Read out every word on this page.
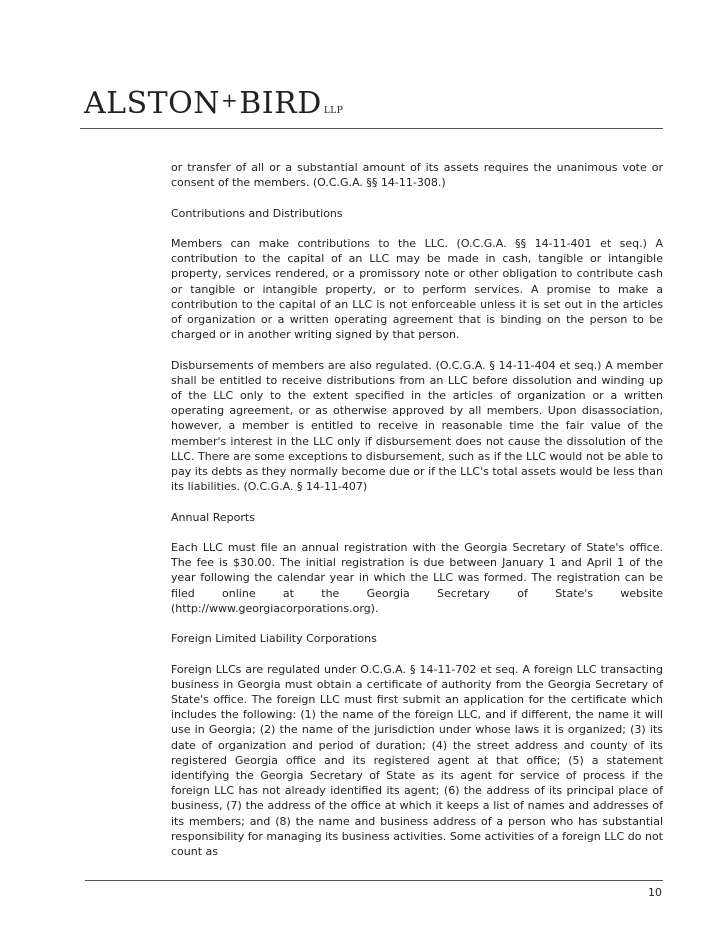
ALSTON+BIRD LLP

or transfer of all or a substantial amount of its assets requires the unanimous vote or consent of the members. (O.C.G.A. §§ 14-11-308.)

Contributions and Distributions

Members can make contributions to the LLC. (O.C.G.A. §§ 14-11-401 et seq.) A contribution to the capital of an LLC may be made in cash, tangible or intangible property, services rendered, or a promissory note or other obligation to contribute cash or tangible or intangible property, or to perform services. A promise to make a contribution to the capital of an LLC is not enforceable unless it is set out in the articles of organization or a written operating agreement that is binding on the person to be charged or in another writing signed by that person.

Disbursements of members are also regulated. (O.C.G.A. § 14-11-404 et seq.) A member shall be entitled to receive distributions from an LLC before dissolution and winding up of the LLC only to the extent specified in the articles of organization or a written operating agreement, or as otherwise approved by all members. Upon disassociation, however, a member is entitled to receive in reasonable time the fair value of the member's interest in the LLC only if disbursement does not cause the dissolution of the LLC. There are some exceptions to disbursement, such as if the LLC would not be able to pay its debts as they normally become due or if the LLC's total assets would be less than its liabilities. (O.C.G.A. § 14-11-407)

Annual Reports

Each LLC must file an annual registration with the Georgia Secretary of State's office. The fee is $30.00. The initial registration is due between January 1 and April 1 of the year following the calendar year in which the LLC was formed. The registration can be filed online at the Georgia Secretary of State's website (http://www.georgiacorporations.org).

Foreign Limited Liability Corporations

Foreign LLCs are regulated under O.C.G.A. § 14-11-702 et seq. A foreign LLC transacting business in Georgia must obtain a certificate of authority from the Georgia Secretary of State's office. The foreign LLC must first submit an application for the certificate which includes the following: (1) the name of the foreign LLC, and if different, the name it will use in Georgia; (2) the name of the jurisdiction under whose laws it is organized; (3) its date of organization and period of duration; (4) the street address and county of its registered Georgia office and its registered agent at that office; (5) a statement identifying the Georgia Secretary of State as its agent for service of process if the foreign LLC has not already identified its agent; (6) the address of its principal place of business, (7) the address of the office at which it keeps a list of names and addresses of its members; and (8) the name and business address of a person who has substantial responsibility for managing its business activities. Some activities of a foreign LLC do not count as

10
